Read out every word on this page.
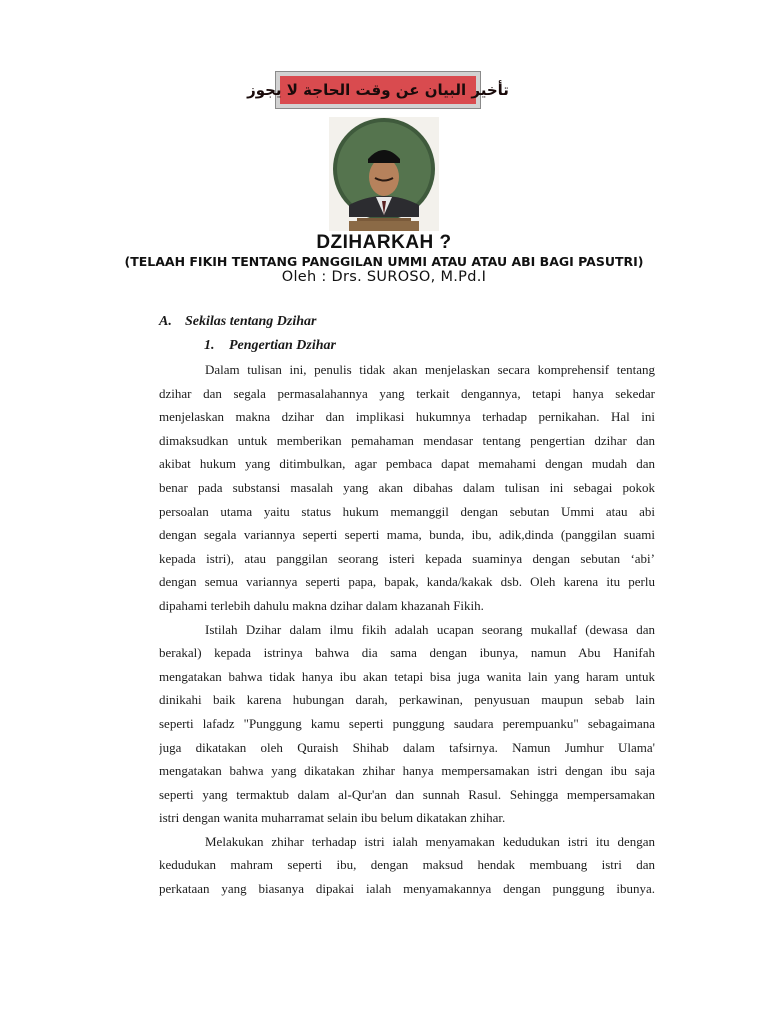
تأخير البيان عن وقت الحاجة لا يجوز
DZIHARKAH ?
(TELAAH FIKIH TENTANG PANGGILAN UMMI ATAU ATAU ABI BAGI PASUTRI)
Oleh : Drs. SUROSO, M.Pd.I
A. Sekilas tentang Dzihar
1. Pengertian Dzihar
Dalam tulisan ini, penulis tidak akan menjelaskan secara komprehensif tentang
dzihar dan segala permasalahannya yang terkait dengannya, tetapi hanya sekedar
menjelaskan makna dzihar dan implikasi hukumnya terhadap pernikahan. Hal ini
dimaksudkan untuk memberikan pemahaman mendasar tentang pengertian dzihar dan
akibat hukum yang ditimbulkan, agar pembaca dapat memahami dengan mudah dan
benar pada substansi masalah yang akan dibahas dalam tulisan ini sebagai pokok
persoalan utama yaitu status hukum memanggil dengan sebutan Ummi atau abi
dengan segala variannya seperti seperti mama, bunda, ibu, adik,dinda (panggilan suami
kepada istri), atau panggilan seorang isteri kepada suaminya dengan sebutan ‘abi’
dengan semua variannya seperti papa, bapak, kanda/kakak dsb. Oleh karena itu perlu
dipahami terlebih dahulu makna dzihar dalam khazanah Fikih.
Istilah Dzihar dalam ilmu fikih adalah ucapan seorang mukallaf (dewasa dan
berakal) kepada istrinya bahwa dia sama dengan ibunya, namun Abu Hanifah
mengatakan bahwa tidak hanya ibu akan tetapi bisa juga wanita lain yang haram untuk
dinikahi baik karena hubungan darah, perkawinan, penyusuan maupun sebab lain
seperti lafadz "Punggung kamu seperti punggung saudara perempuanku" sebagaimana
juga dikatakan oleh Quraish Shihab dalam tafsirnya. Namun Jumhur Ulama'
mengatakan bahwa yang dikatakan zhihar hanya mempersamakan istri dengan ibu saja
seperti yang termaktub dalam al-Qur'an dan sunnah Rasul. Sehingga mempersamakan
istri dengan wanita muharramat selain ibu belum dikatakan zhihar.
Melakukan zhihar terhadap istri ialah menyamakan kedudukan istri itu dengan
kedudukan mahram seperti ibu, dengan maksud hendak membuang istri dan
perkataan yang biasanya dipakai ialah menyamakannya dengan punggung ibunya.
